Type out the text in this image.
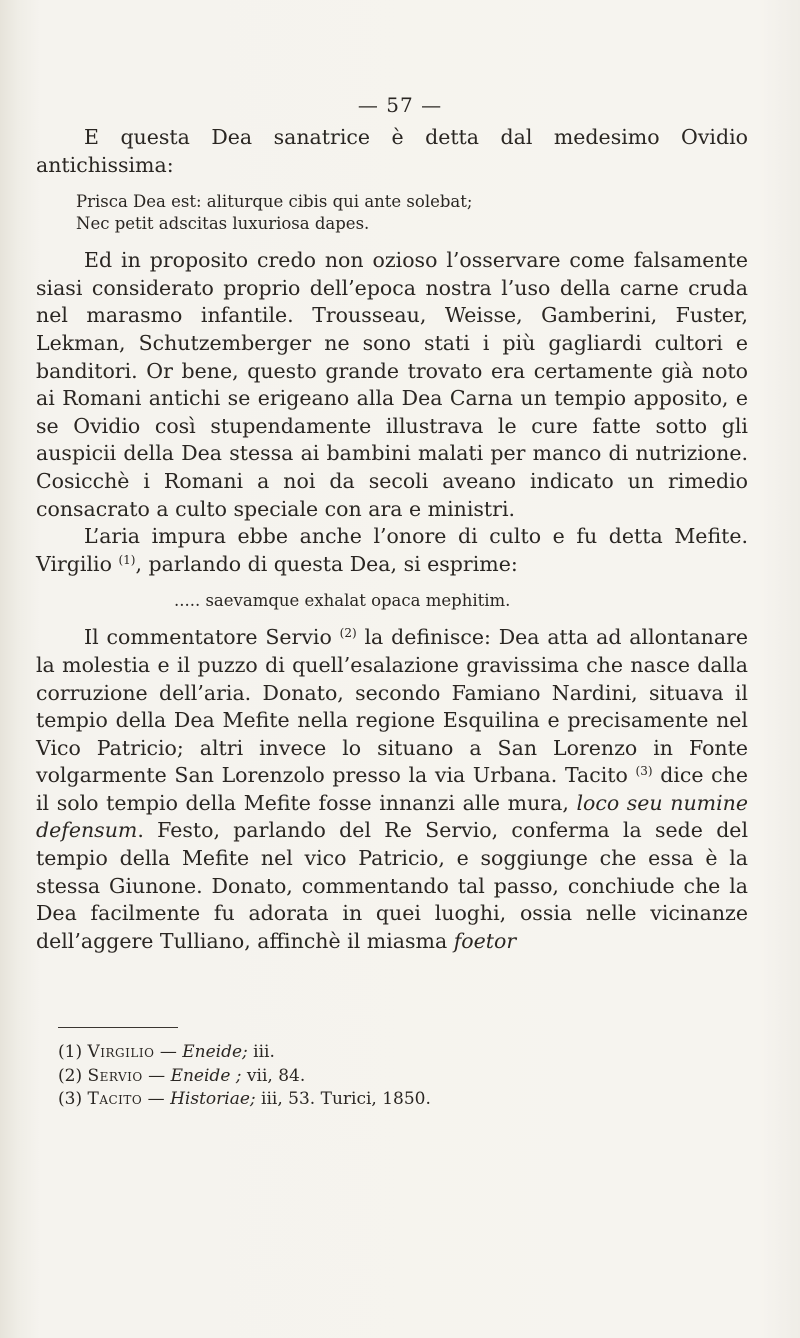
— 57 —

E questa Dea sanatrice è detta dal medesimo Ovidio antichissima:

Prisca Dea est: aliturque cibis qui ante solebat;
Nec petit adscitas luxuriosa dapes.

Ed in proposito credo non ozioso l’osservare come falsamente siasi considerato proprio dell’epoca nostra l’uso della carne cruda nel marasmo infantile. Trousseau, Weisse, Gamberini, Fuster, Lekman, Schutzemberger ne sono stati i più gagliardi cultori e banditori. Or bene, questo grande trovato era certamente già noto ai Romani antichi se erigeano alla Dea Carna un tempio apposito, e se Ovidio così stupendamente illustrava le cure fatte sotto gli auspicii della Dea stessa ai bambini malati per manco di nutrizione. Cosicchè i Romani a noi da secoli aveano indicato un rimedio consacrato a culto speciale con ara e ministri.

L’aria impura ebbe anche l’onore di culto e fu detta Mefite. Virgilio $^{(1)}$, parlando di questa Dea, si esprime:

..... saevamque exhalat opaca mephitim.

Il commentatore Servio $^{(2)}$ la definisce: Dea atta ad allontanare la molestia e il puzzo di quell’esalazione gravissima che nasce dalla corruzione dell’aria. Donato, secondo Famiano Nardini, situava il tempio della Dea Mefite nella regione Esquilina e precisamente nel Vico Patricio; altri invece lo situano a San Lorenzo in Fonte volgarmente San Lorenzolo presso la via Urbana. Tacito $^{(3)}$ dice che il solo tempio della Mefite fosse innanzi alle mura, loco seu numine defensum. Festo, parlando del Re Servio, conferma la sede del tempio della Mefite nel vico Patricio, e soggiunge che essa è la stessa Giunone. Donato, commentando tal passo, conchiude che la Dea facilmente fu adorata in quei luoghi, ossia nelle vicinanze dell’aggere Tulliano, affinchè il miasma foetor

(1) Virgilio — Eneide; iii.
(2) Servio — Eneide ; vii, 84.
(3) Tacito — Historiae; iii, 53. Turici, 1850.
